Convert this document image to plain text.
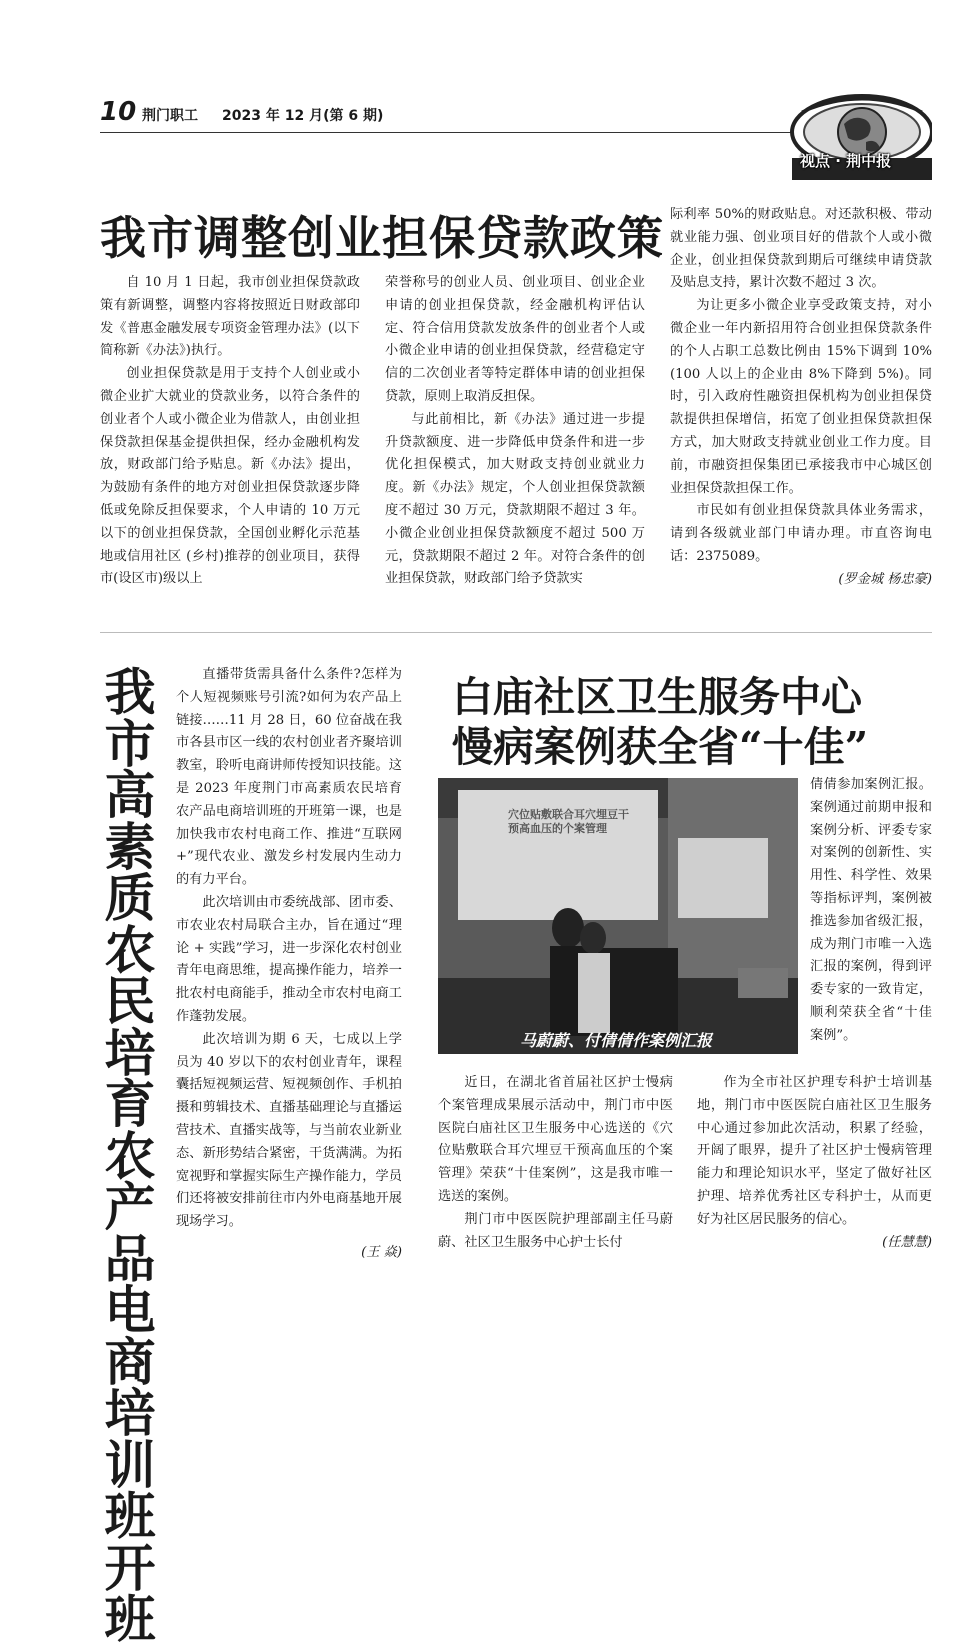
10 荆门职工 2023 年 12 月(第 6 期)
视点 · 荆中报
我市调整创业担保贷款政策

自 10 月 1 日起，我市创业担保贷款政策有新调整，调整内容将按照近日财政部印发《普惠金融发展专项资金管理办法》(以下简称新《办法》)执行。

创业担保贷款是用于支持个人创业或小微企业扩大就业的贷款业务，以符合条件的创业者个人或小微企业为借款人，由创业担保贷款担保基金提供担保，经办金融机构发放，财政部门给予贴息。新《办法》提出，为鼓励有条件的地方对创业担保贷款逐步降低或免除反担保要求，个人申请的 10 万元以下的创业担保贷款，全国创业孵化示范基地或信用社区 (乡村)推荐的创业项目，获得市(设区市)级以上

荣誉称号的创业人员、创业项目、创业企业申请的创业担保贷款，经金融机构评估认定、符合信用贷款发放条件的创业者个人或小微企业申请的创业担保贷款，经营稳定守信的二次创业者等特定群体申请的创业担保贷款，原则上取消反担保。

与此前相比，新《办法》通过进一步提升贷款额度、进一步降低申贷条件和进一步优化担保模式，加大财政支持创业就业力度。新《办法》规定，个人创业担保贷款额度不超过 30 万元，贷款期限不超过 3 年。小微企业创业担保贷款额度不超过 500 万元，贷款期限不超过 2 年。对符合条件的创业担保贷款，财政部门给予贷款实

际利率 50%的财政贴息。对还款积极、带动就业能力强、创业项目好的借款个人或小微企业，创业担保贷款到期后可继续申请贷款及贴息支持，累计次数不超过 3 次。

为让更多小微企业享受政策支持，对小微企业一年内新招用符合创业担保贷款条件的个人占职工总数比例由 15%下调到 10%(100 人以上的企业由 8%下降到 5%)。同时，引入政府性融资担保机构为创业担保贷款提供担保增信，拓宽了创业担保贷款担保方式，加大财政支持就业创业工作力度。目前，市融资担保集团已承接我市中心城区创业担保贷款担保工作。

市民如有创业担保贷款具体业务需求，请到各级就业部门申请办理。市直咨询电话：2375089。

(罗金城 杨忠豪)
我市高素质农民培育农产品电商培训班开班

直播带货需具备什么条件?怎样为个人短视频账号引流?如何为农产品上链接……11 月 28 日，60 位奋战在我市各县市区一线的农村创业者齐聚培训教室，聆听电商讲师传授知识技能。这是 2023 年度荆门市高素质农民培育农产品电商培训班的开班第一课，也是加快我市农村电商工作、推进“互联网 +”现代农业、激发乡村发展内生动力的有力平台。

此次培训由市委统战部、团市委、市农业农村局联合主办，旨在通过“理论 + 实践”学习，进一步深化农村创业青年电商思维，提高操作能力，培养一批农村电商能手，推动全市农村电商工作蓬勃发展。

此次培训为期 6 天，七成以上学员为 40 岁以下的农村创业青年，课程囊括短视频运营、短视频创作、手机拍摄和剪辑技术、直播基础理论与直播运营技术、直播实战等，与当前农业新业态、新形势结合紧密，干货满满。为拓宽视野和掌握实际生产操作能力，学员们还将被安排前往市内外电商基地开展现场学习。

(王 焱)
白庙社区卫生服务中心
慢病案例获全省“十佳”
穴位贴敷联合耳穴埋豆干预高血压的个案管理
马蔚蔚、付倩倩作案例汇报

倩倩参加案例汇报。案例通过前期申报和案例分析、评委专家对案例的创新性、实用性、科学性、效果等指标评判，案例被推选参加省级汇报，成为荆门市唯一入选汇报的案例，得到评委专家的一致肯定，顺利荣获全省“十佳案例”。

近日，在湖北省首届社区护士慢病个案管理成果展示活动中，荆门市中医医院白庙社区卫生服务中心选送的《穴位贴敷联合耳穴埋豆干预高血压的个案管理》荣获“十佳案例”，这是我市唯一选送的案例。

荆门市中医医院护理部副主任马蔚蔚、社区卫生服务中心护士长付

作为全市社区护理专科护士培训基地，荆门市中医医院白庙社区卫生服务中心通过参加此次活动，积累了经验，开阔了眼界，提升了社区护士慢病管理能力和理论知识水平，坚定了做好社区护理、培养优秀社区专科护士，从而更好为社区居民服务的信心。

(任慧慧)
